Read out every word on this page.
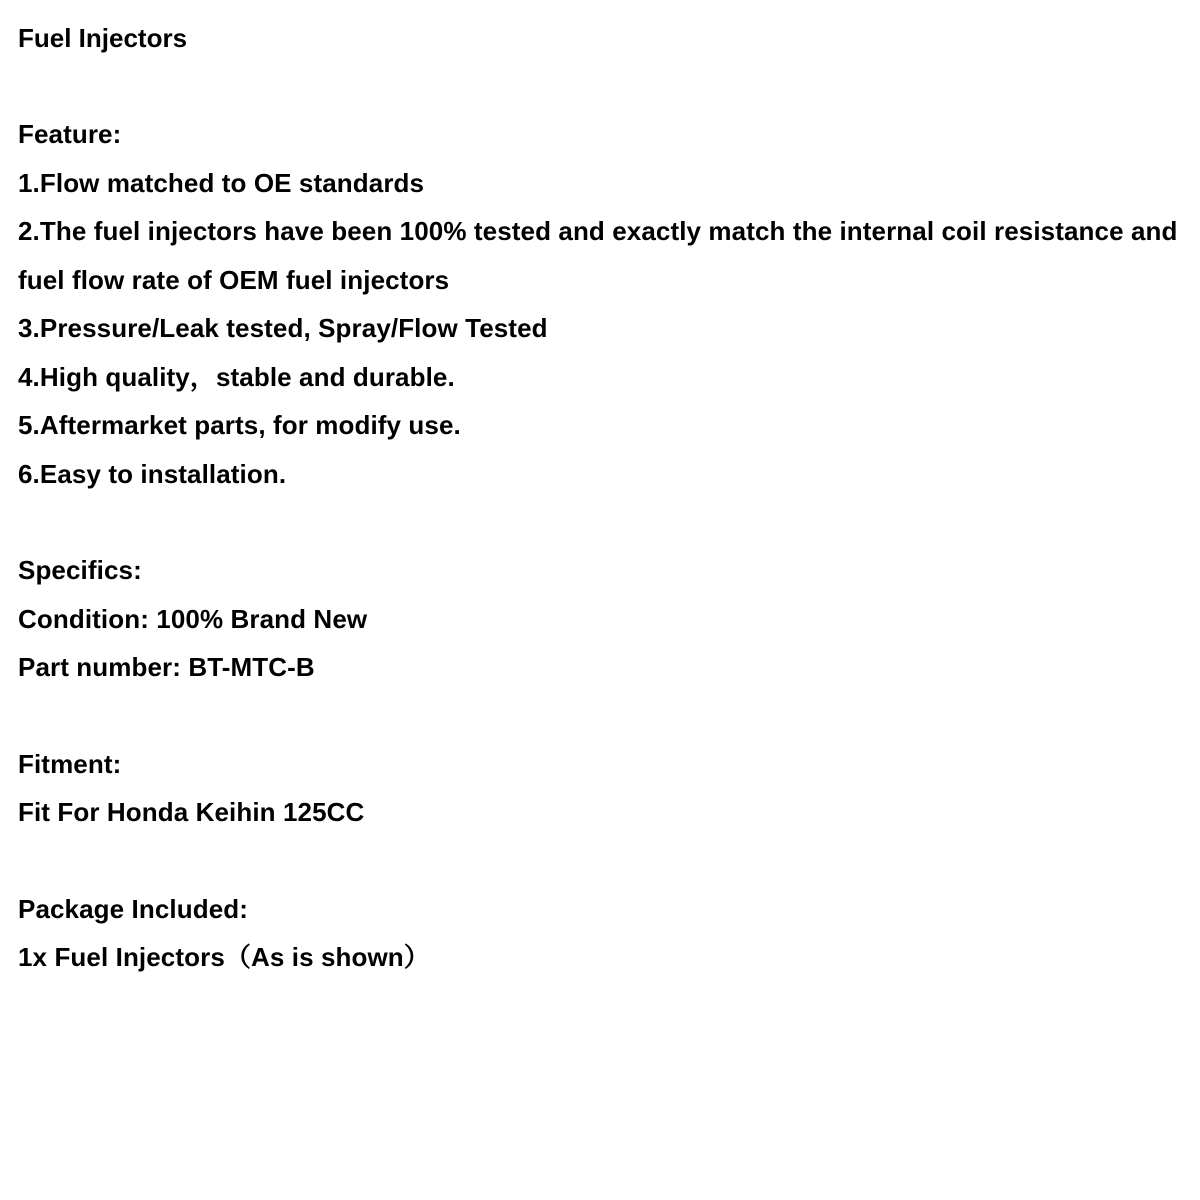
Fuel Injectors
Feature:
1.Flow matched to OE standards
2.The fuel injectors have been 100% tested and exactly match the internal coil resistance and fuel flow rate of OEM fuel injectors
3.Pressure/Leak tested, Spray/Flow Tested
4.High quality，stable and durable.
5.Aftermarket parts, for modify use.
6.Easy to installation.
Specifics:
Condition: 100% Brand New
Part number: BT-MTC-B
Fitment:
Fit For Honda Keihin 125CC
Package Included:
1x Fuel Injectors（As is shown）
